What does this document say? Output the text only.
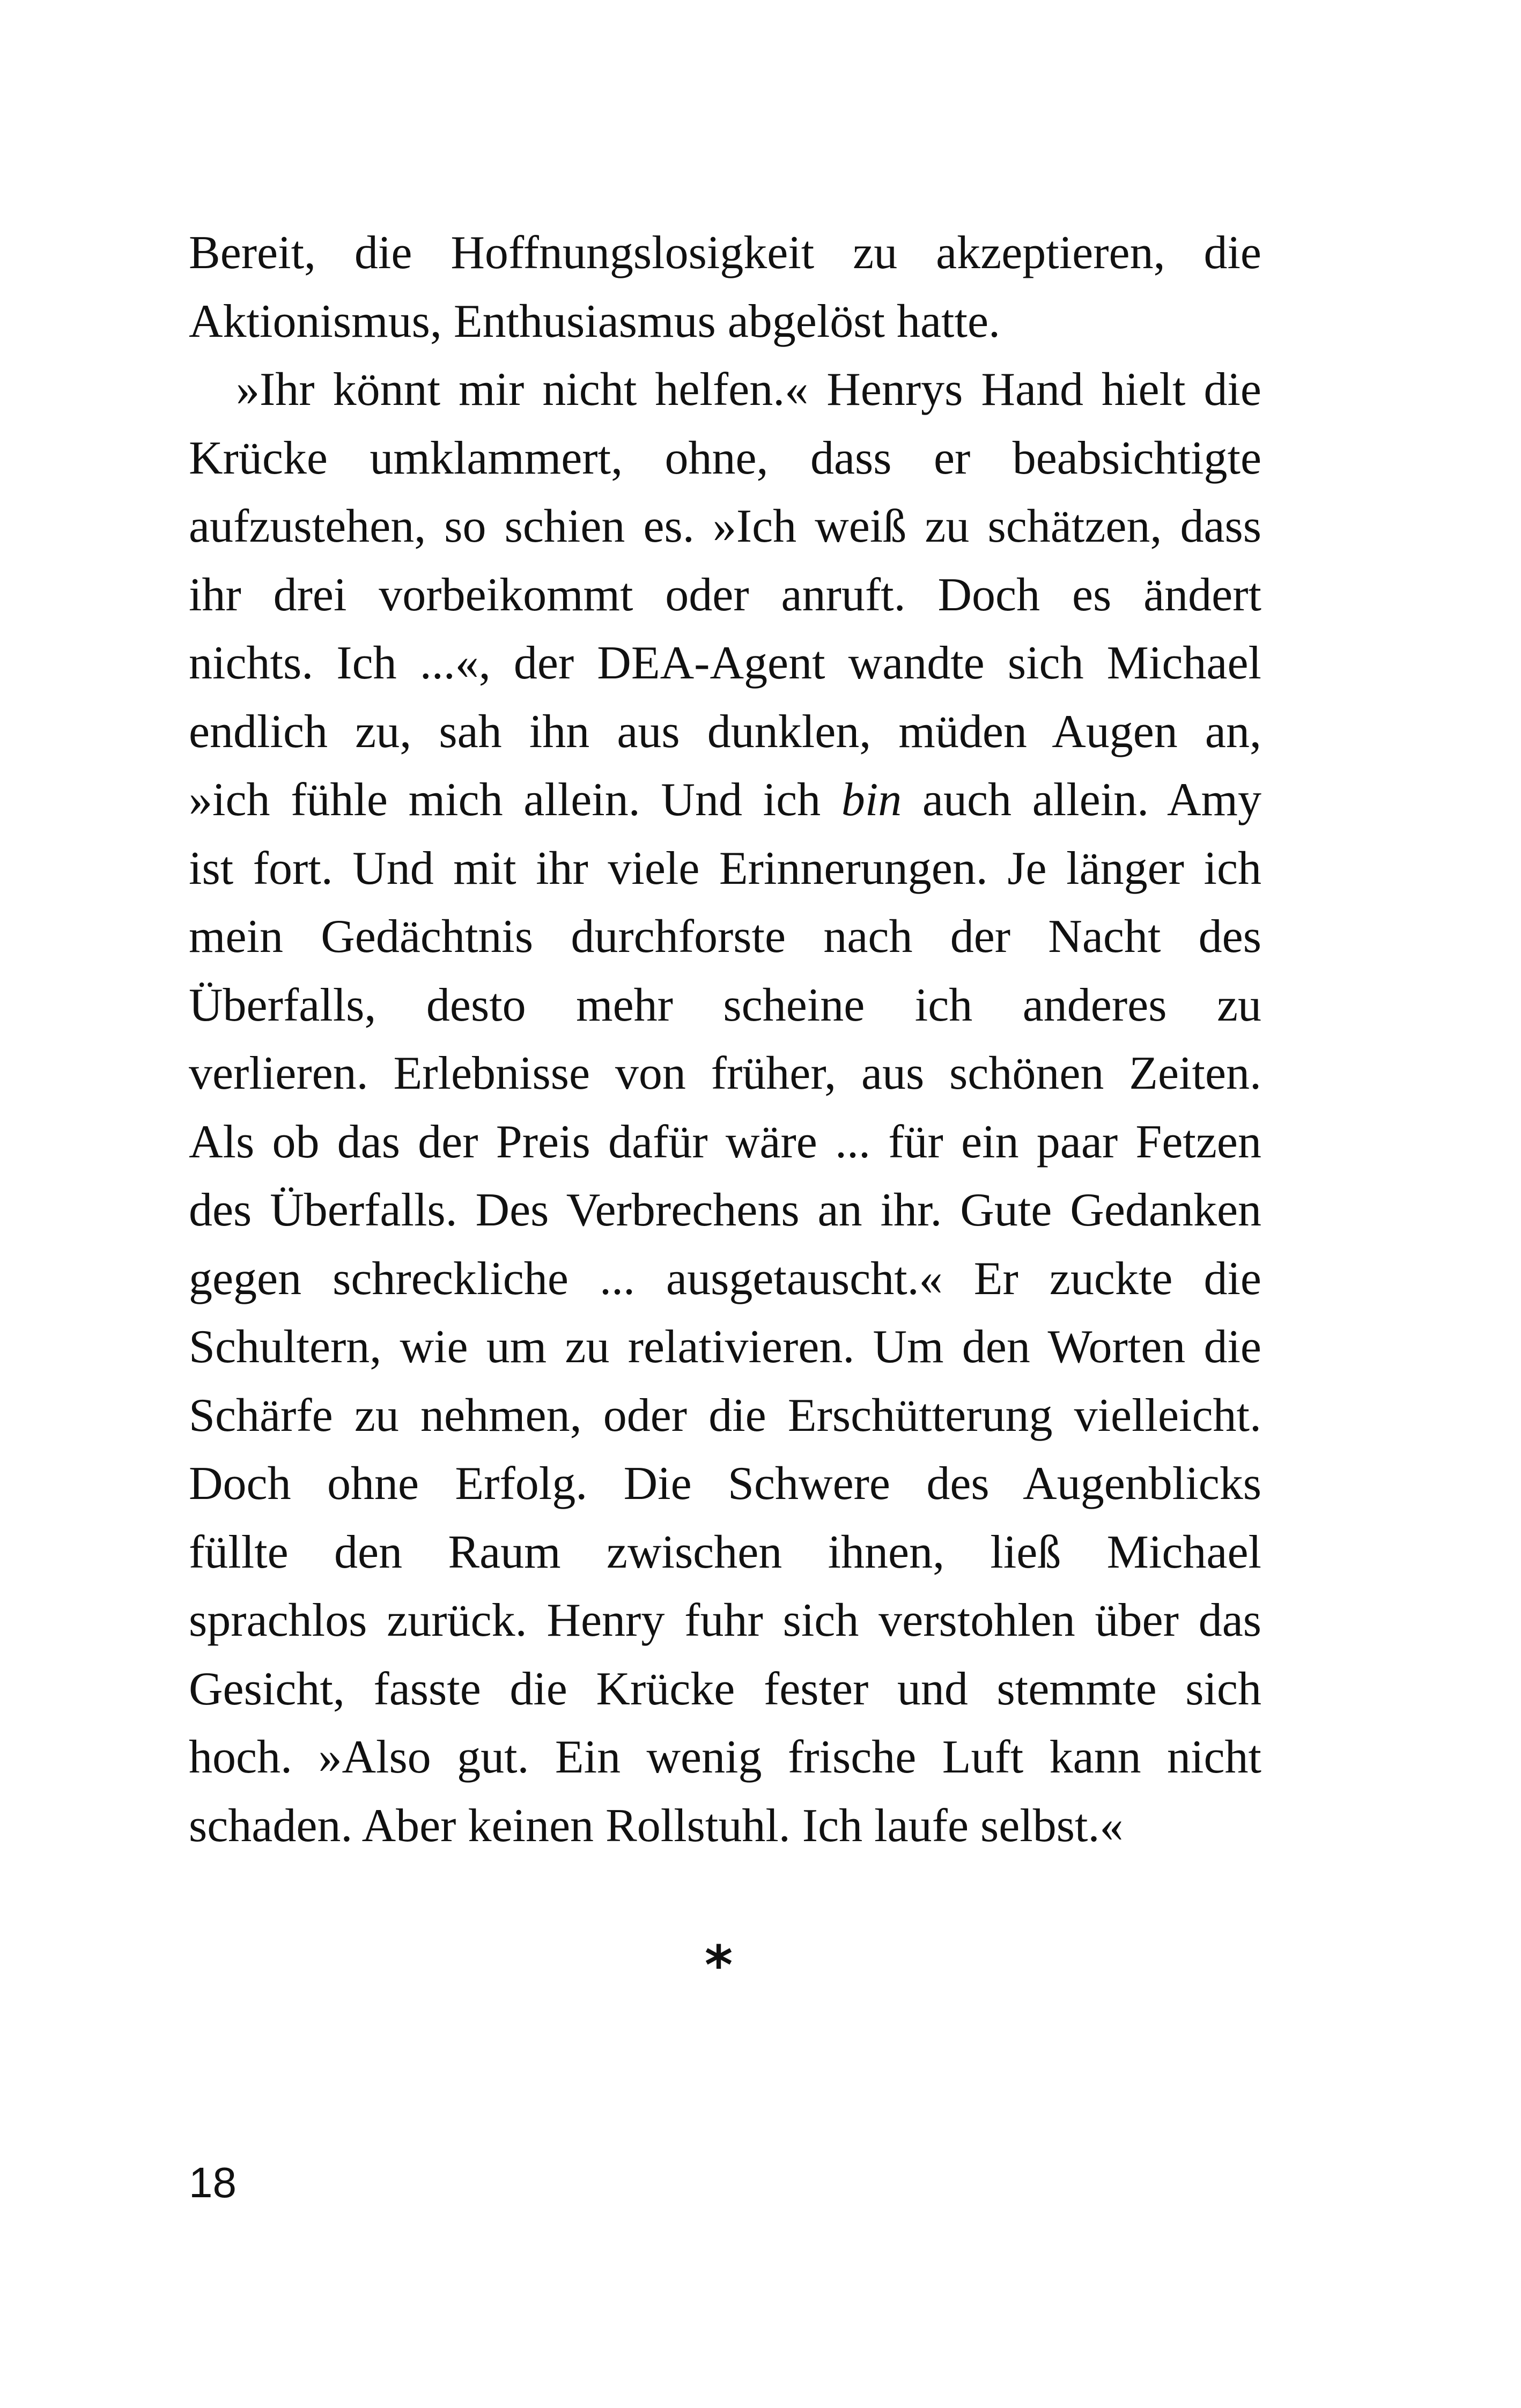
Bereit, die Hoffnungslosigkeit zu akzeptieren, die
Aktionismus, Enthusiasmus abgelöst hatte.
»Ihr könnt mir nicht helfen.« Henrys Hand hielt die
Krücke umklammert, ohne, dass er beabsichtigte
aufzustehen, so schien es. »Ich weiß zu schätzen, dass
ihr drei vorbeikommt oder anruft. Doch es ändert
nichts. Ich ...«, der DEA-Agent wandte sich Michael
endlich zu, sah ihn aus dunklen, müden Augen an,
»ich fühle mich allein. Und ich bin auch allein. Amy
ist fort. Und mit ihr viele Erinnerungen. Je länger ich
mein Gedächtnis durchforste nach der Nacht des
Überfalls, desto mehr scheine ich anderes zu
verlieren. Erlebnisse von früher, aus schönen Zeiten.
Als ob das der Preis dafür wäre ... für ein paar Fetzen
des Überfalls. Des Verbrechens an ihr. Gute Gedanken
gegen schreckliche ... ausgetauscht.« Er zuckte die
Schultern, wie um zu relativieren. Um den Worten die
Schärfe zu nehmen, oder die Erschütterung vielleicht.
Doch ohne Erfolg. Die Schwere des Augenblicks
füllte den Raum zwischen ihnen, ließ Michael
sprachlos zurück. Henry fuhr sich verstohlen über das
Gesicht, fasste die Krücke fester und stemmte sich
hoch. »Also gut. Ein wenig frische Luft kann nicht
schaden. Aber keinen Rollstuhl. Ich laufe selbst.«
*
18
